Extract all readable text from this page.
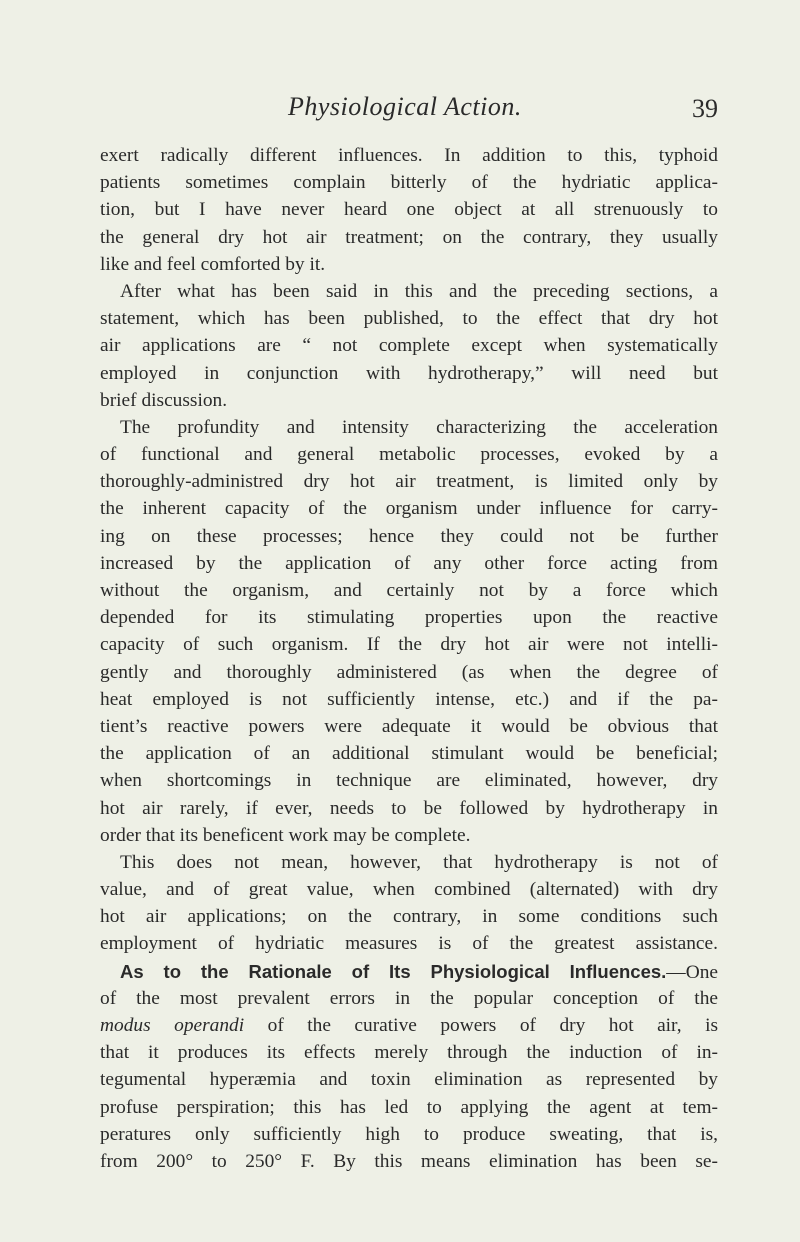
Physiological Action.	39
exert radically different influences. In addition to this, typhoid
patients sometimes complain bitterly of the hydriatic applica-
tion, but I have never heard one object at all strenuously to
the general dry hot air treatment; on the contrary, they usually
like and feel comforted by it.
After what has been said in this and the preceding sections, a
statement, which has been published, to the effect that dry hot
air applications are “ not complete except when systematically
employed in conjunction with hydrotherapy,” will need but
brief discussion.
The profundity and intensity characterizing the acceleration
of functional and general metabolic processes, evoked by a
thoroughly-administred dry hot air treatment, is limited only by
the inherent capacity of the organism under influence for carry-
ing on these processes; hence they could not be further
increased by the application of any other force acting from
without the organism, and certainly not by a force which
depended for its stimulating properties upon the reactive
capacity of such organism. If the dry hot air were not intelli-
gently and thoroughly administered (as when the degree of
heat employed is not sufficiently intense, etc.) and if the pa-
tient’s reactive powers were adequate it would be obvious that
the application of an additional stimulant would be beneficial;
when shortcomings in technique are eliminated, however, dry
hot air rarely, if ever, needs to be followed by hydrotherapy in
order that its beneficent work may be complete.
This does not mean, however, that hydrotherapy is not of
value, and of great value, when combined (alternated) with dry
hot air applications; on the contrary, in some conditions such
employment of hydriatic measures is of the greatest assistance.
As to the Rationale of Its Physiological Influences.—One
of the most prevalent errors in the popular conception of the
modus operandi of the curative powers of dry hot air, is
that it produces its effects merely through the induction of in-
tegumental hyperæmia and toxin elimination as represented by
profuse perspiration; this has led to applying the agent at tem-
peratures only sufficiently high to produce sweating, that is,
from 200° to 250° F. By this means elimination has been se-
